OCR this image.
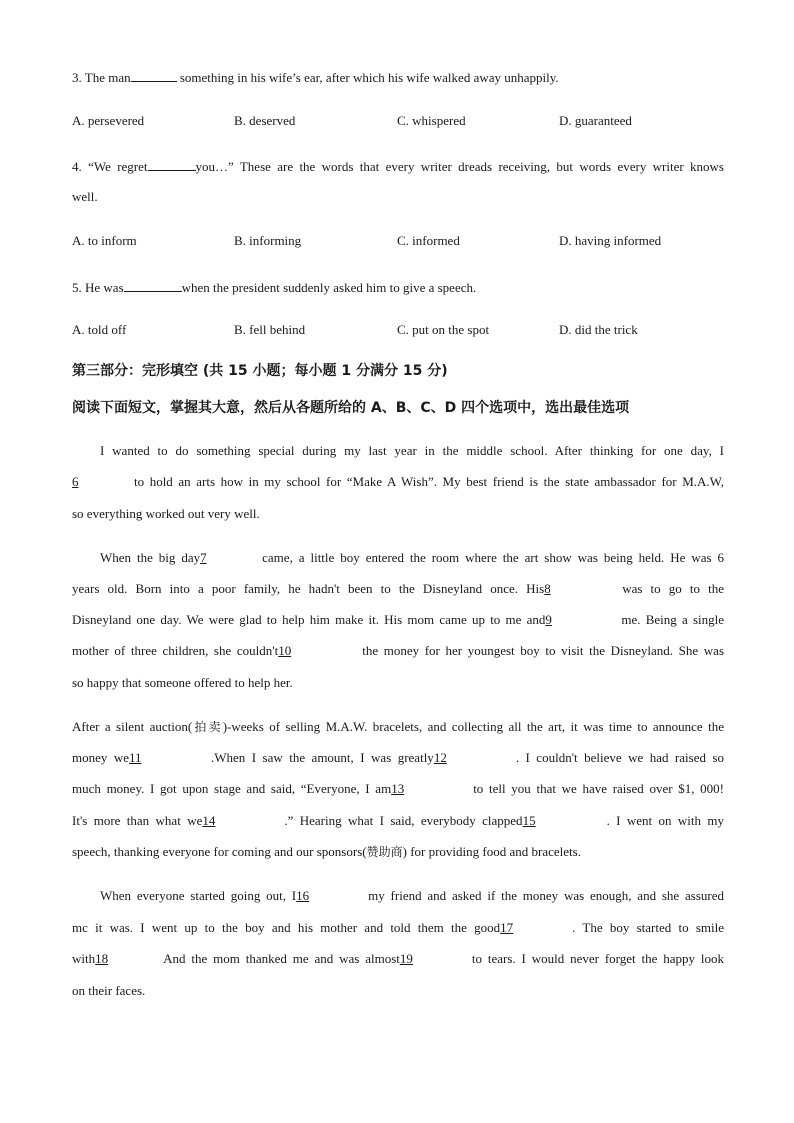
3. The man	something in his wife’s ear, after which his wife walked away unhappily.
A. persevered	B. deserved	C. whispered	D. guaranteed
4. “We regret	you…” These are the words that every writer dreads receiving, but words every writer knows
well.
A. to inform	B. informing	C. informed	D. having informed
5. He was	when the president suddenly asked him to give a speech.
A. told off	B. fell behind	C. put on the spot	D. did the trick
第三部分：完形填空 (共 15 小题；每小题 1 分满分 15 分)
阅读下面短文，掌握其大意，然后从各题所给的 A、B、C、D 四个选项中，选出最佳选项
I wanted to do something special during my last year in the middle school. After thinking for one day, I
6	to hold an arts how in my school for “Make A Wish”. My best friend is the state ambassador for M.A.W,
so everything worked out very well.
When the big day7	came, a little boy entered the room where the art show was being held. He was 6
years old. Born into a poor family, he hadn't been to the Disneyland once. His8	was to go to the
Disneyland one day. We were glad to help him make it. His mom came up to me and9	me. Being a single
mother of three children, she couldn't10	the money for her youngest boy to visit the Disneyland. She was
so happy that someone offered to help her.
After a silent auction(拍卖)-weeks of selling M.A.W. bracelets, and collecting all the art, it was time to announce the
money we11	.When I saw the amount, I was greatly12	. I couldn't believe we had raised so
much money. I got upon stage and said, “Everyone, I am13	to tell you that we have raised over $1, 000!
It's more than what we14	.” Hearing what I said, everybody clapped15	. I went on with my
speech, thanking everyone for coming and our sponsors(赞助商) for providing food and bracelets.
When everyone started going out, I16	my friend and asked if the money was enough, and she assured
mc it was. I went up to the boy and his mother and told them the good17	. The boy started to smile
with18	And the mom thanked me and was almost19	to tears. I would never forget the happy look
on their faces.
